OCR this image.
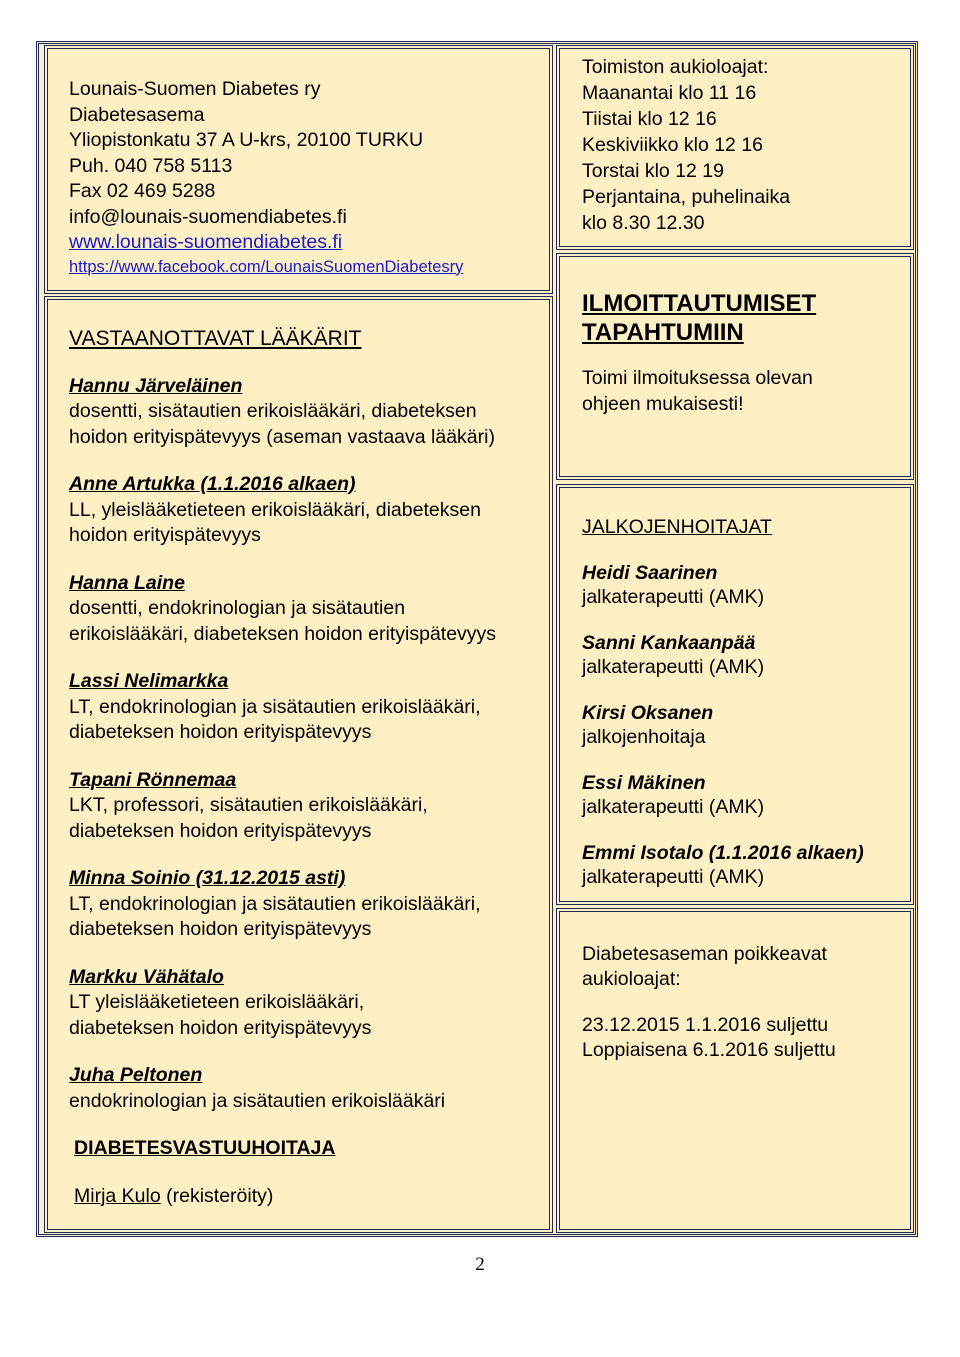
Lounais-Suomen Diabetes ry
Diabetesasema
Yliopistonkatu 37 A U-krs, 20100 TURKU
Puh. 040 758 5113
Fax 02 469 5288
info@lounais-suomendiabetes.fi
www.lounais-suomendiabetes.fi
https://www.facebook.com/LounaisSuomenDiabetesry
Toimiston aukioloajat:
Maanantai klo 11 16
Tiistai klo 12 16
Keskiviikko klo 12 16
Torstai klo 12 19
Perjantaina, puhelinaika
klo 8.30 12.30
ILMOITTAUTUMISET
TAPAHTUMIIN
Toimi ilmoituksessa olevan
ohjeen mukaisesti!
VASTAANOTTAVAT LÄÄKÄRIT
Hannu Järveläinen
dosentti, sisätautien erikoislääkäri, diabeteksen
hoidon erityispätevyys (aseman vastaava lääkäri)
Anne Artukka (1.1.2016 alkaen)
LL, yleislääketieteen erikoislääkäri, diabeteksen
hoidon erityispätevyys
Hanna Laine
dosentti, endokrinologian ja sisätautien
erikoislääkäri, diabeteksen hoidon erityispätevyys
Lassi Nelimarkka
LT, endokrinologian ja sisätautien erikoislääkäri,
diabeteksen hoidon erityispätevyys
Tapani Rönnemaa
LKT, professori, sisätautien erikoislääkäri,
diabeteksen hoidon erityispätevyys
Minna Soinio (31.12.2015 asti)
LT, endokrinologian ja sisätautien erikoislääkäri,
diabeteksen hoidon erityispätevyys
Markku Vähätalo
LT yleislääketieteen erikoislääkäri,
diabeteksen hoidon erityispätevyys
Juha Peltonen
endokrinologian ja sisätautien erikoislääkäri
DIABETESVASTUUHOITAJA
Mirja Kulo (rekisteröity)
JALKOJENHOITAJAT
Heidi Saarinen
jalkaterapeutti (AMK)
Sanni Kankaanpää
jalkaterapeutti (AMK)
Kirsi Oksanen
jalkojenhoitaja
Essi Mäkinen
jalkaterapeutti (AMK)
Emmi Isotalo (1.1.2016 alkaen)
jalkaterapeutti (AMK)
Diabetesaseman poikkeavat
aukioloajat:
23.12.2015 1.1.2016 suljettu
Loppiaisena 6.1.2016 suljettu
2
